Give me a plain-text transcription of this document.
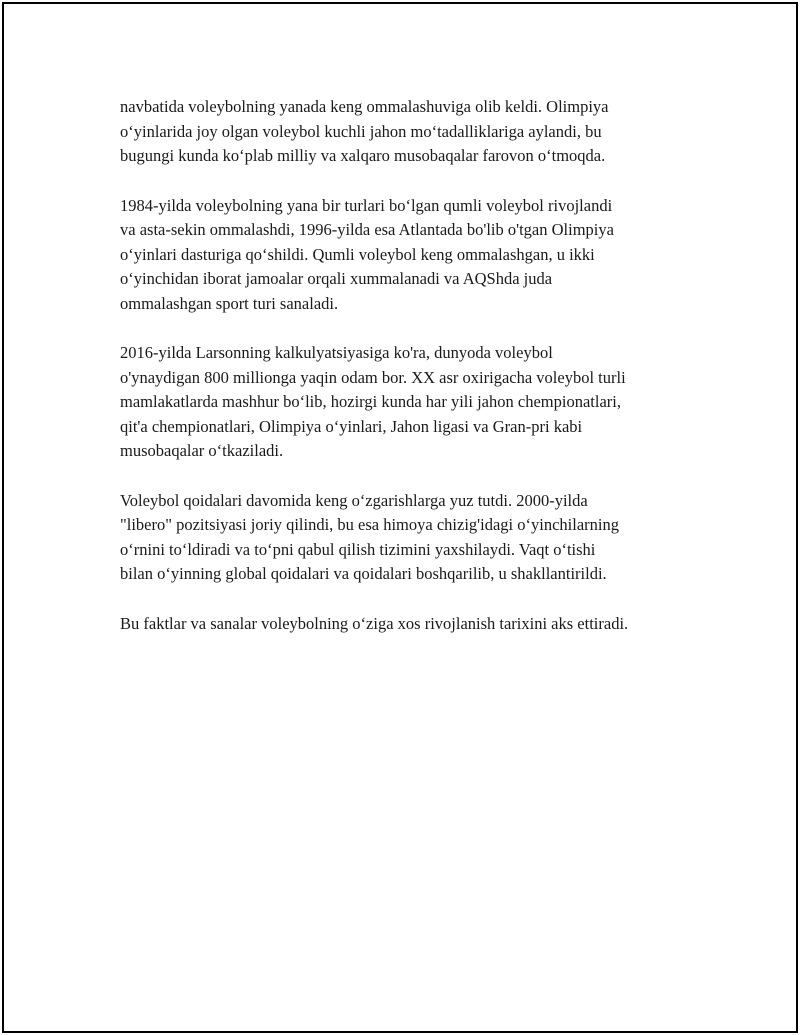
navbatida voleybolning yanada keng ommalashuviga olib keldi. Olimpiya
o‘yinlarida joy olgan voleybol kuchli jahon mo‘tadalliklariga aylandi, bu
bugungi kunda ko‘plab milliy va xalqaro musobaqalar farovon o‘tmoqda.

1984-yilda voleybolning yana bir turlari bo‘lgan qumli voleybol rivojlandi
va asta-sekin ommalashdi, 1996-yilda esa Atlantada bo'lib o'tgan Olimpiya
o‘yinlari dasturiga qo‘shildi. Qumli voleybol keng ommalashgan, u ikki
o‘yinchidan iborat jamoalar orqali xummalanadi va AQShda juda
ommalashgan sport turi sanaladi.

2016-yilda Larsonning kalkulyatsiyasiga ko'ra, dunyoda voleybol
o'ynaydigan 800 millionga yaqin odam bor. XX asr oxirigacha voleybol turli
mamlakatlarda mashhur bo‘lib, hozirgi kunda har yili jahon chempionatlari,
qit'a chempionatlari, Olimpiya o‘yinlari, Jahon ligasi va Gran-pri kabi
musobaqalar o‘tkaziladi.

Voleybol qoidalari davomida keng o‘zgarishlarga yuz tutdi. 2000-yilda
"libero" pozitsiyasi joriy qilindi, bu esa himoya chizig'idagi o‘yinchilarning
o‘rnini to‘ldiradi va to‘pni qabul qilish tizimini yaxshilaydi. Vaqt o‘tishi
bilan o‘yinning global qoidalari va qoidalari boshqarilib, u shakllantirildi.

Bu faktlar va sanalar voleybolning o‘ziga xos rivojlanish tarixini aks ettiradi.
